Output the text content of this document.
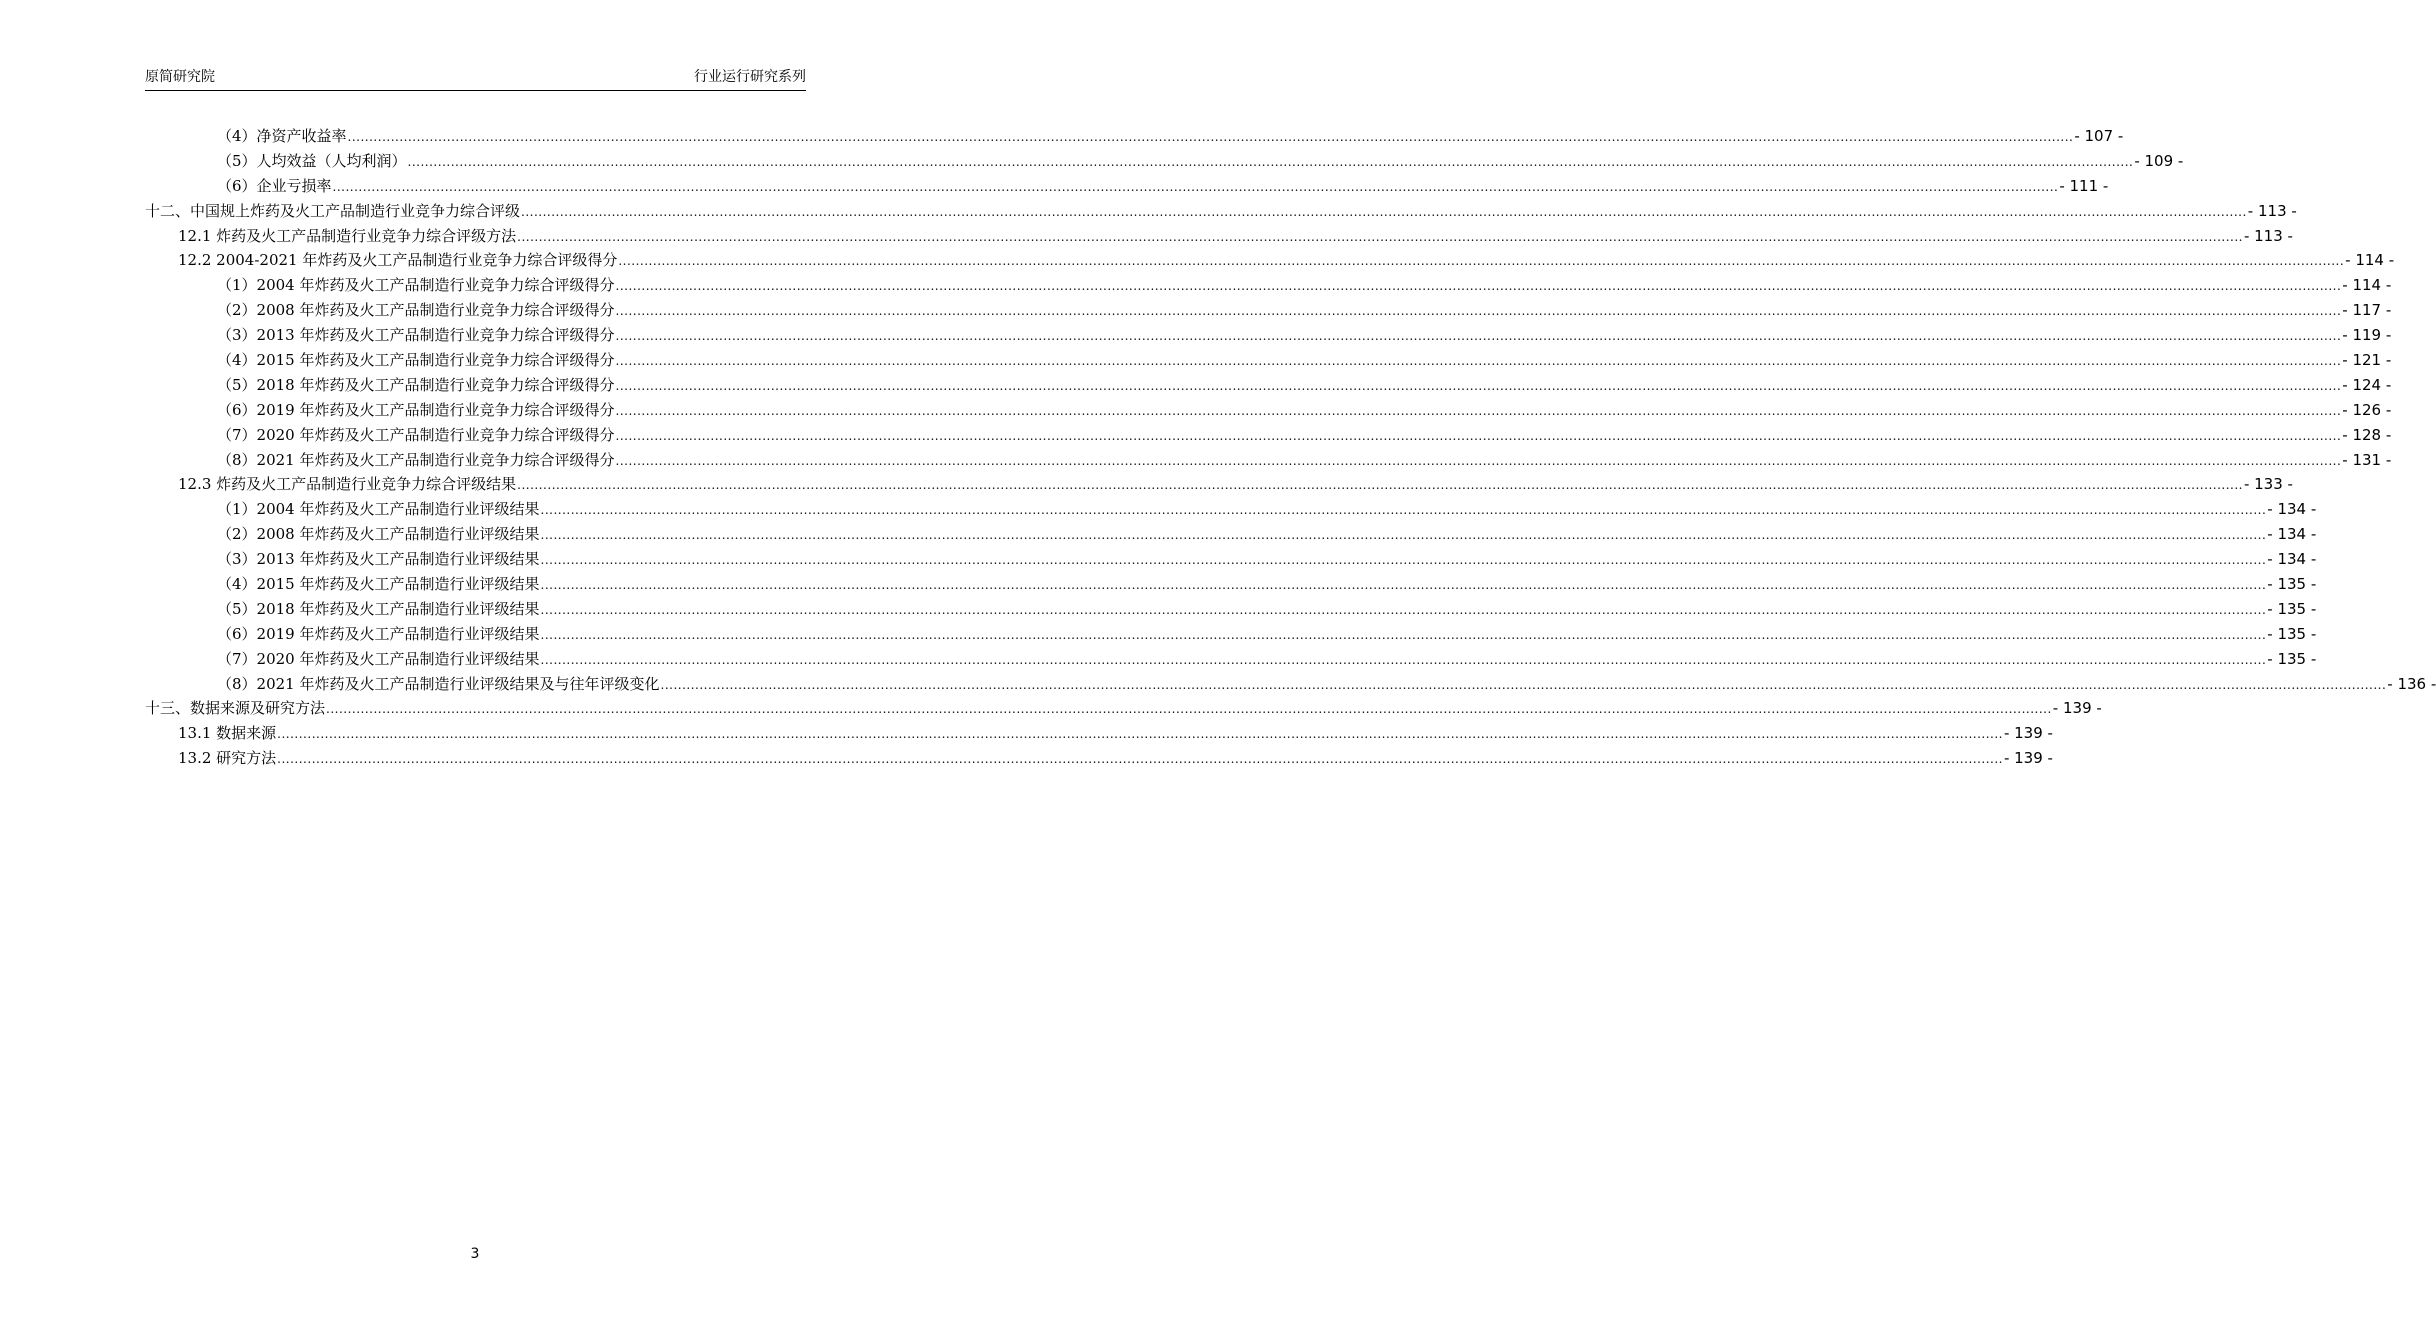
原简研究院	行业运行研究系列
（4）净资产收益率 ................................................................................................................................................................................................................................................................................................................................................................................................................ - 107 -
（5）人均效益（人均利润） ................................................................................................................................................................................................................................................................................................................................................................................................................ - 109 -
（6）企业亏损率 ................................................................................................................................................................................................................................................................................................................................................................................................................ - 111 -
十二、中国规上炸药及火工产品制造行业竞争力综合评级 ................................................................................................................................................................................................................................................................................................................................................................................................................ - 113 -
12.1 炸药及火工产品制造行业竞争力综合评级方法 ................................................................................................................................................................................................................................................................................................................................................................................................................ - 113 -
12.2 2004-2021 年炸药及火工产品制造行业竞争力综合评级得分 ................................................................................................................................................................................................................................................................................................................................................................................................................ - 114 -
（1）2004 年炸药及火工产品制造行业竞争力综合评级得分 ................................................................................................................................................................................................................................................................................................................................................................................................................ - 114 -
（2）2008 年炸药及火工产品制造行业竞争力综合评级得分 ................................................................................................................................................................................................................................................................................................................................................................................................................ - 117 -
（3）2013 年炸药及火工产品制造行业竞争力综合评级得分 ................................................................................................................................................................................................................................................................................................................................................................................................................ - 119 -
（4）2015 年炸药及火工产品制造行业竞争力综合评级得分 ................................................................................................................................................................................................................................................................................................................................................................................................................ - 121 -
（5）2018 年炸药及火工产品制造行业竞争力综合评级得分 ................................................................................................................................................................................................................................................................................................................................................................................................................ - 124 -
（6）2019 年炸药及火工产品制造行业竞争力综合评级得分 ................................................................................................................................................................................................................................................................................................................................................................................................................ - 126 -
（7）2020 年炸药及火工产品制造行业竞争力综合评级得分 ................................................................................................................................................................................................................................................................................................................................................................................................................ - 128 -
（8）2021 年炸药及火工产品制造行业竞争力综合评级得分 ................................................................................................................................................................................................................................................................................................................................................................................................................ - 131 -
12.3 炸药及火工产品制造行业竞争力综合评级结果 ................................................................................................................................................................................................................................................................................................................................................................................................................ - 133 -
（1）2004 年炸药及火工产品制造行业评级结果 ................................................................................................................................................................................................................................................................................................................................................................................................................ - 134 -
（2）2008 年炸药及火工产品制造行业评级结果 ................................................................................................................................................................................................................................................................................................................................................................................................................ - 134 -
（3）2013 年炸药及火工产品制造行业评级结果 ................................................................................................................................................................................................................................................................................................................................................................................................................ - 134 -
（4）2015 年炸药及火工产品制造行业评级结果 ................................................................................................................................................................................................................................................................................................................................................................................................................ - 135 -
（5）2018 年炸药及火工产品制造行业评级结果 ................................................................................................................................................................................................................................................................................................................................................................................................................ - 135 -
（6）2019 年炸药及火工产品制造行业评级结果 ................................................................................................................................................................................................................................................................................................................................................................................................................ - 135 -
（7）2020 年炸药及火工产品制造行业评级结果 ................................................................................................................................................................................................................................................................................................................................................................................................................ - 135 -
（8）2021 年炸药及火工产品制造行业评级结果及与往年评级变化 ................................................................................................................................................................................................................................................................................................................................................................................................................ - 136 -
十三、数据来源及研究方法 ................................................................................................................................................................................................................................................................................................................................................................................................................ - 139 -
13.1 数据来源 ................................................................................................................................................................................................................................................................................................................................................................................................................ - 139 -
13.2 研究方法 ................................................................................................................................................................................................................................................................................................................................................................................................................ - 139 -
3
